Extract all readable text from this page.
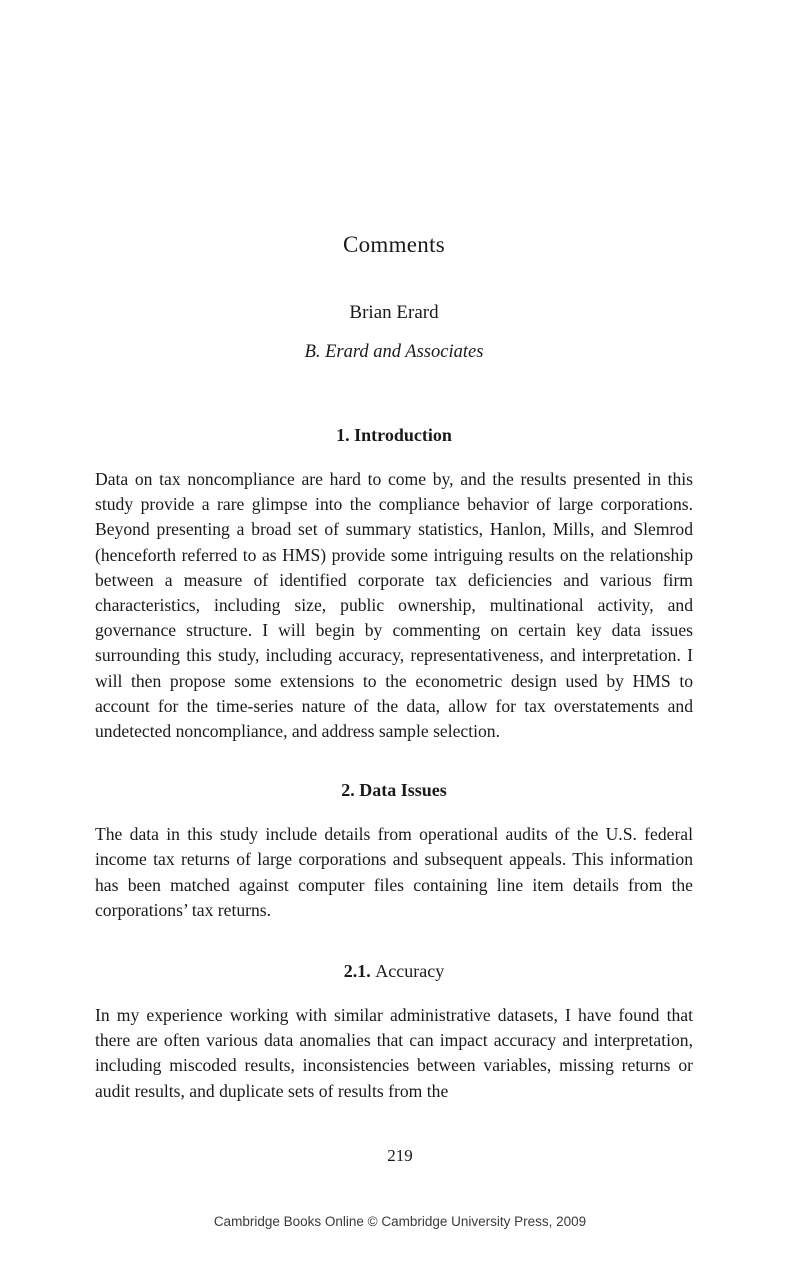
Comments
Brian Erard
B. Erard and Associates
1. Introduction

Data on tax noncompliance are hard to come by, and the results presented in this study provide a rare glimpse into the compliance behavior of large corporations. Beyond presenting a broad set of summary statistics, Hanlon, Mills, and Slemrod (henceforth referred to as HMS) provide some intriguing results on the relationship between a measure of identified corporate tax deficiencies and various firm characteristics, including size, public ownership, multinational activity, and governance structure. I will begin by commenting on certain key data issues surrounding this study, including accuracy, representativeness, and interpretation. I will then propose some extensions to the econometric design used by HMS to account for the time-series nature of the data, allow for tax overstatements and undetected noncompliance, and address sample selection.

2. Data Issues

The data in this study include details from operational audits of the U.S. federal income tax returns of large corporations and subsequent appeals. This information has been matched against computer files containing line item details from the corporations’ tax returns.

2.1. Accuracy

In my experience working with similar administrative datasets, I have found that there are often various data anomalies that can impact accuracy and interpretation, including miscoded results, inconsistencies between variables, missing returns or audit results, and duplicate sets of results from the

219
Cambridge Books Online © Cambridge University Press, 2009
